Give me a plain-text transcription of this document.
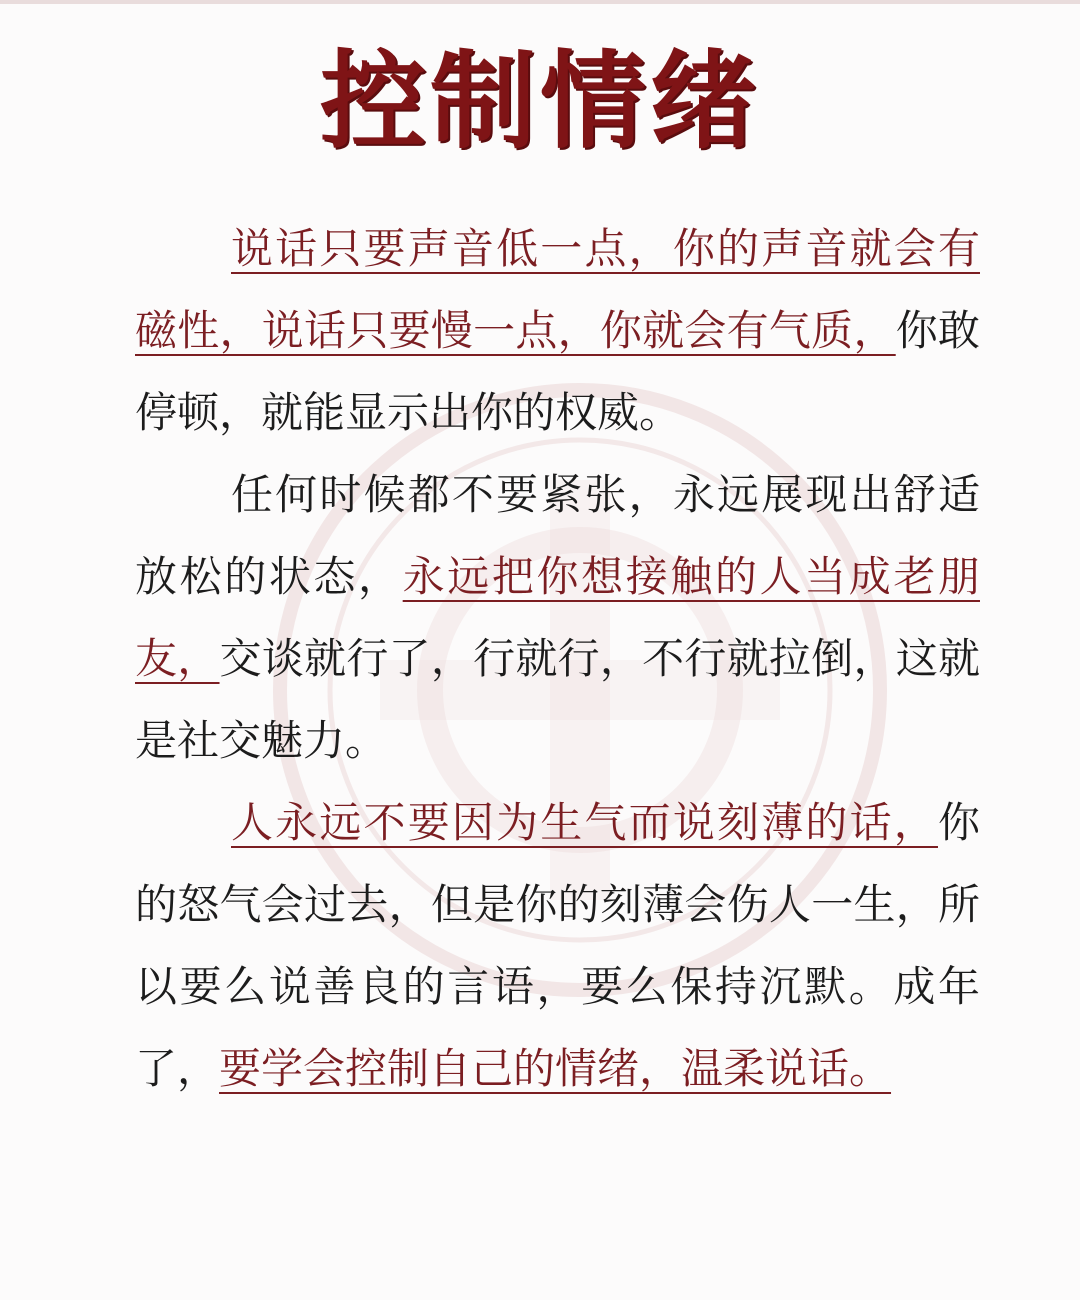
控制情绪

说话只要声音低一点，你的声音就会有磁性，说话只要慢一点，你就会有气质，你敢停顿，就能显示出你的权威。

任何时候都不要紧张，永远展现出舒适放松的状态，永远把你想接触的人当成老朋友，交谈就行了，行就行，不行就拉倒，这就是社交魅力。

人永远不要因为生气而说刻薄的话，你的怒气会过去，但是你的刻薄会伤人一生，所以要么说善良的言语，要么保持沉默。成年了，要学会控制自己的情绪，温柔说话。
